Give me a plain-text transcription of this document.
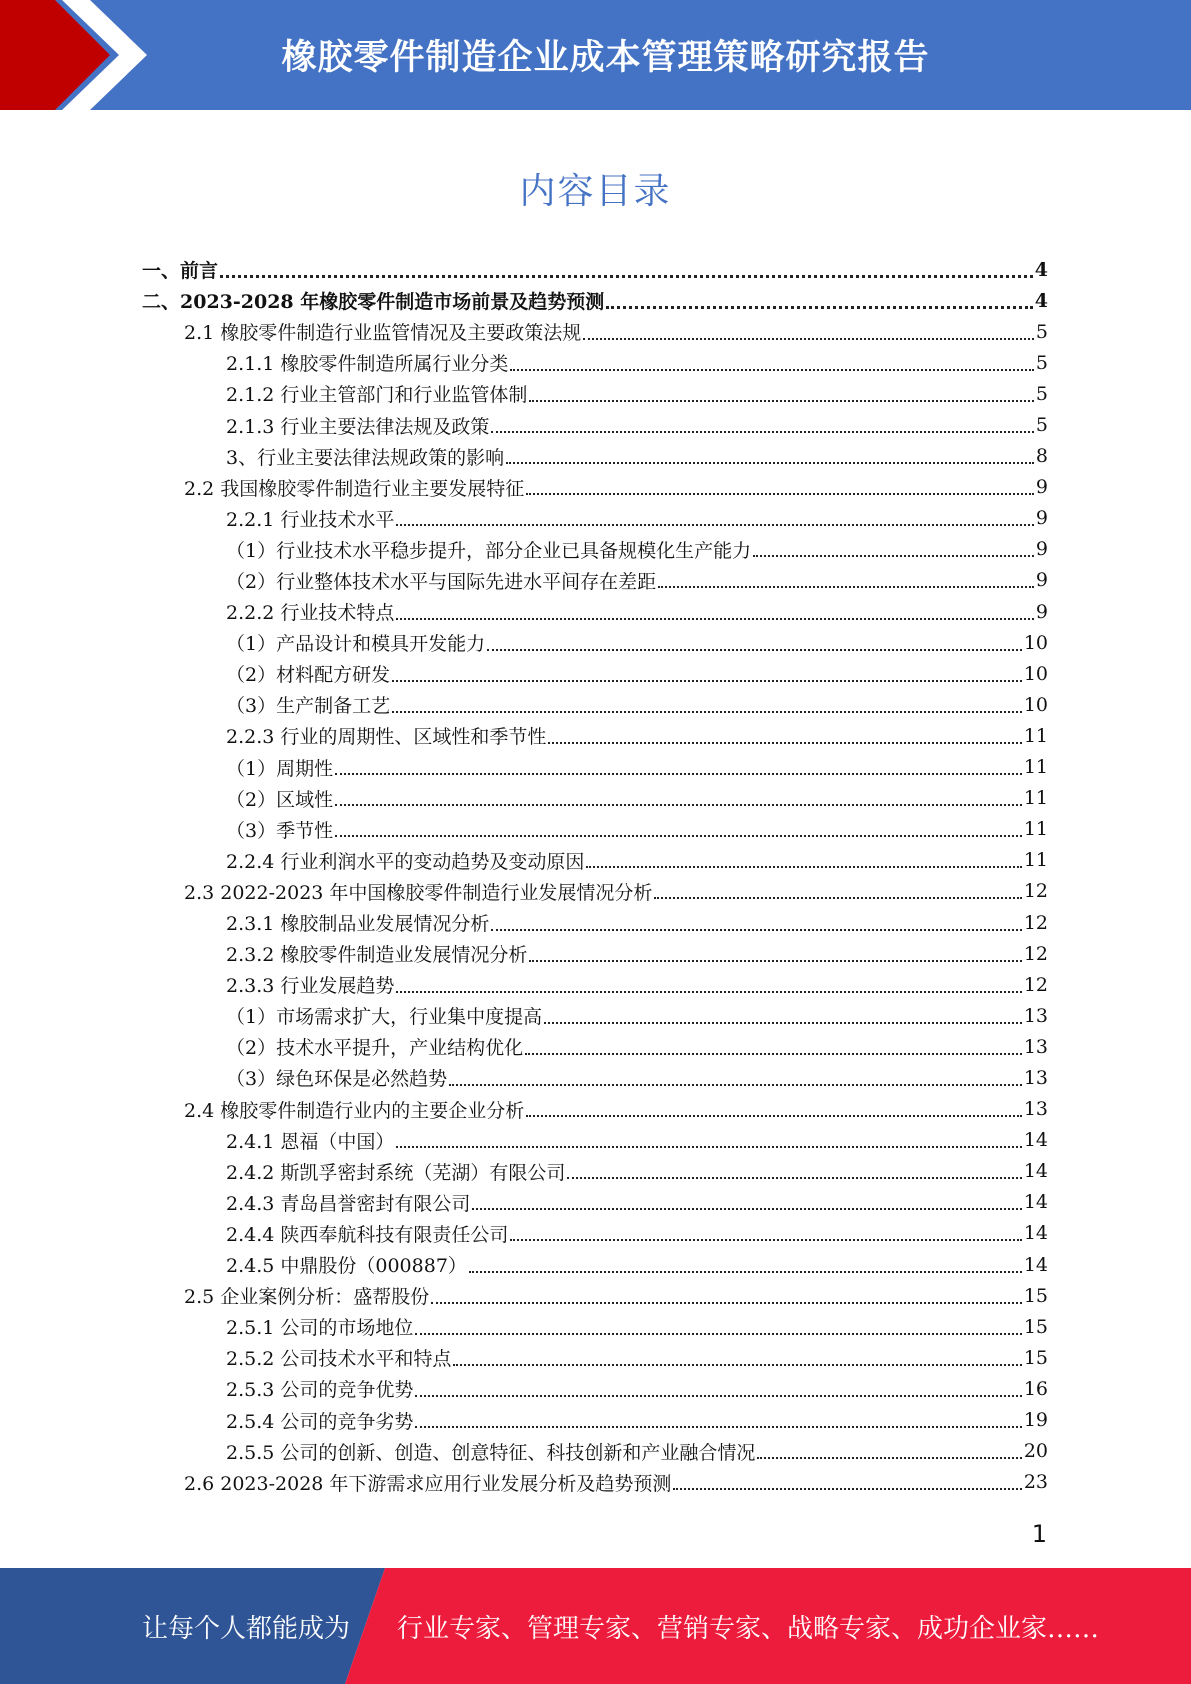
橡胶零件制造企业成本管理策略研究报告
内容目录
一、前言	4
二、2023-2028 年橡胶零件制造市场前景及趋势预测	4
2.1 橡胶零件制造行业监管情况及主要政策法规	5
2.1.1 橡胶零件制造所属行业分类	5
2.1.2 行业主管部门和行业监管体制	5
2.1.3 行业主要法律法规及政策	5
3、行业主要法律法规政策的影响	8
2.2 我国橡胶零件制造行业主要发展特征	9
2.2.1 行业技术水平	9
（1）行业技术水平稳步提升，部分企业已具备规模化生产能力	9
（2）行业整体技术水平与国际先进水平间存在差距	9
2.2.2 行业技术特点	9
（1）产品设计和模具开发能力	10
（2）材料配方研发	10
（3）生产制备工艺	10
2.2.3 行业的周期性、区域性和季节性	11
（1）周期性	11
（2）区域性	11
（3）季节性	11
2.2.4 行业利润水平的变动趋势及变动原因	11
2.3 2022-2023 年中国橡胶零件制造行业发展情况分析	12
2.3.1 橡胶制品业发展情况分析	12
2.3.2 橡胶零件制造业发展情况分析	12
2.3.3 行业发展趋势	12
（1）市场需求扩大，行业集中度提高	13
（2）技术水平提升，产业结构优化	13
（3）绿色环保是必然趋势	13
2.4 橡胶零件制造行业内的主要企业分析	13
2.4.1 恩福（中国）	14
2.4.2 斯凯孚密封系统（芜湖）有限公司	14
2.4.3 青岛昌誉密封有限公司	14
2.4.4 陕西奉航科技有限责任公司	14
2.4.5 中鼎股份（000887）	14
2.5 企业案例分析：盛帮股份	15
2.5.1 公司的市场地位	15
2.5.2 公司技术水平和特点	15
2.5.3 公司的竞争优势	16
2.5.4 公司的竞争劣势	19
2.5.5 公司的创新、创造、创意特征、科技创新和产业融合情况	20
2.6 2023-2028 年下游需求应用行业发展分析及趋势预测	23
1
让每个人都能成为 行业专家、管理专家、营销专家、战略专家、成功企业家……
